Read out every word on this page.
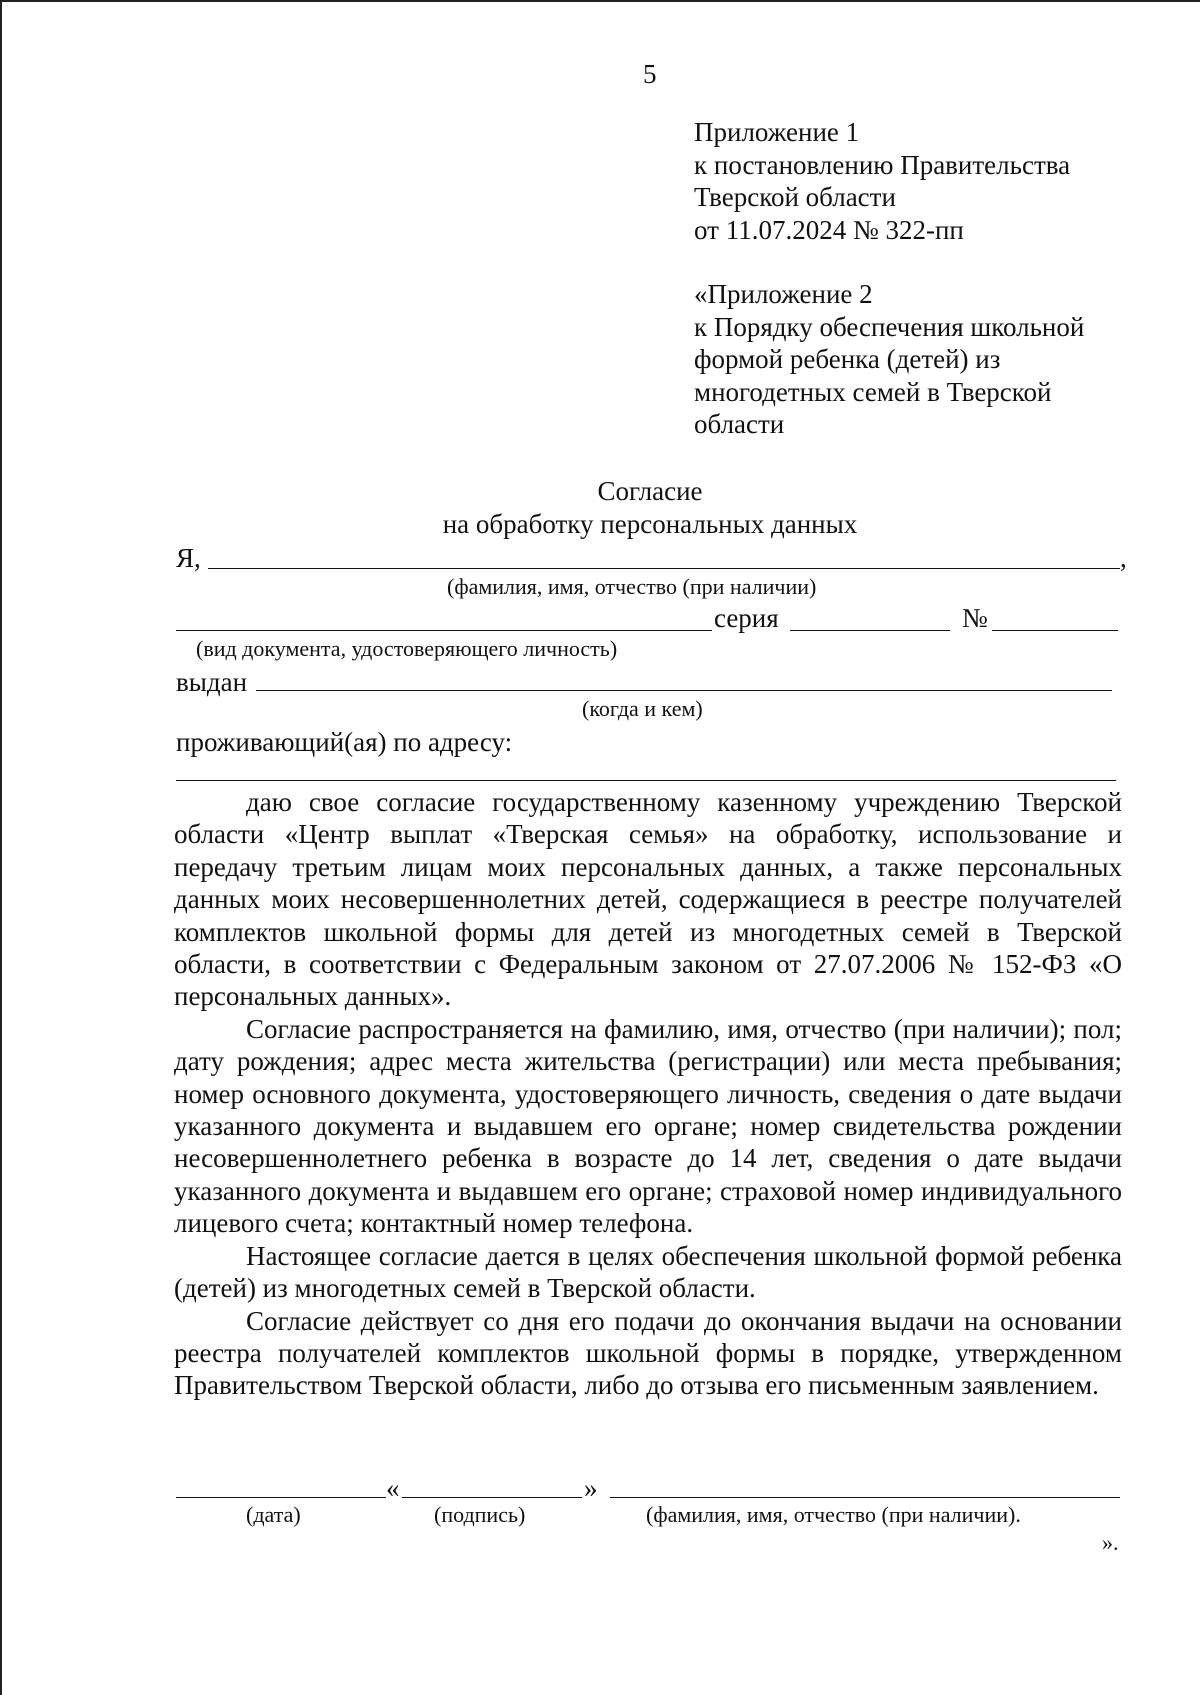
5
Приложение 1
к постановлению Правительства
Тверской области
от 11.07.2024 № 322-пп
«Приложение 2
к Порядку обеспечения школьной
формой ребенка (детей) из
многодетных семей в Тверской
области
Согласие
на обработку персональных данных
Я,	,
(фамилия, имя, отчество (при наличии)
серия	№
(вид документа, удостоверяющего личность)
выдан
(когда и кем)
проживающий(ая) по адресу:

даю свое согласие государственному казенному учреждению Тверской области «Центр выплат «Тверская семья» на обработку, использование и передачу третьим лицам моих персональных данных, а также персональных данных моих несовершеннолетних детей, содержащиеся в реестре получателей комплектов школьной формы для детей из многодетных семей в Тверской области, в соответствии с Федеральным законом от 27.07.2006 № 152-ФЗ «О персональных данных».

Согласие распространяется на фамилию, имя, отчество (при наличии); пол; дату рождения; адрес места жительства (регистрации) или места пребывания; номер основного документа, удостоверяющего личность, сведения о дате выдачи указанного документа и выдавшем его органе; номер свидетельства рождении несовершеннолетнего ребенка в возрасте до 14 лет, сведения о дате выдачи указанного документа и выдавшем его органе; страховой номер индивидуального лицевого счета; контактный номер телефона.

Настоящее согласие дается в целях обеспечения школьной формой ребенка (детей) из многодетных семей в Тверской области.

Согласие действует со дня его подачи до окончания выдачи на основании реестра получателей комплектов школьной формы в порядке, утвержденном Правительством Тверской области, либо до отзыва его письменным заявлением.

«	»
(дата)	(подпись)	(фамилия, имя, отчество (при наличии).
».
